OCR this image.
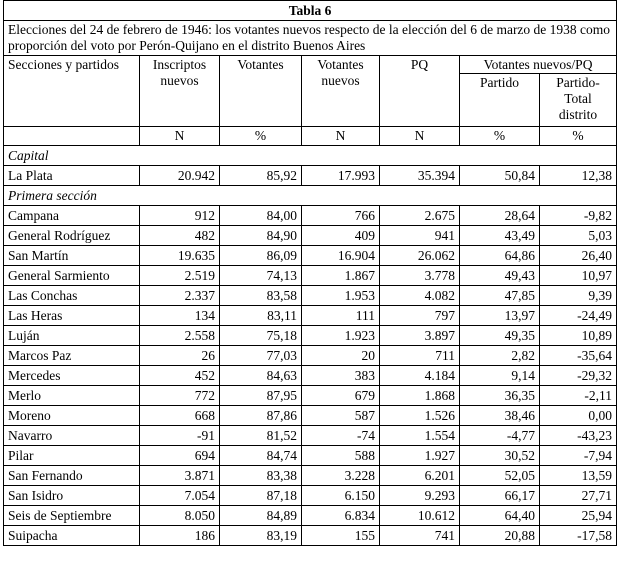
Tabla 6						
Elecciones del 24 de febrero de 1946: los votantes nuevos respecto de la elección del 6 de marzo de 1938 como proporción del voto por Perón-Quijano en el distrito Buenos Aires						
Secciones y partidos	Inscriptos nuevos	Votantes	Votantes nuevos	PQ	Votantes nuevos/PQ	
					Partido	Partido-Total distrito
	N	%	N	N	%	%
Capital						
La Plata	20.942	85,92	17.993	35.394	50,84	12,38
Primera sección						
Campana	912	84,00	766	2.675	28,64	-9,82
General Rodríguez	482	84,90	409	941	43,49	5,03
San Martín	19.635	86,09	16.904	26.062	64,86	26,40
General Sarmiento	2.519	74,13	1.867	3.778	49,43	10,97
Las Conchas	2.337	83,58	1.953	4.082	47,85	9,39
Las Heras	134	83,11	111	797	13,97	-24,49
Luján	2.558	75,18	1.923	3.897	49,35	10,89
Marcos Paz	26	77,03	20	711	2,82	-35,64
Mercedes	452	84,63	383	4.184	9,14	-29,32
Merlo	772	87,95	679	1.868	36,35	-2,11
Moreno	668	87,86	587	1.526	38,46	0,00
Navarro	-91	81,52	-74	1.554	-4,77	-43,23
Pilar	694	84,74	588	1.927	30,52	-7,94
San Fernando	3.871	83,38	3.228	6.201	52,05	13,59
San Isidro	7.054	87,18	6.150	9.293	66,17	27,71
Seis de Septiembre	8.050	84,89	6.834	10.612	64,40	25,94
Suipacha	186	83,19	155	741	20,88	-17,58
